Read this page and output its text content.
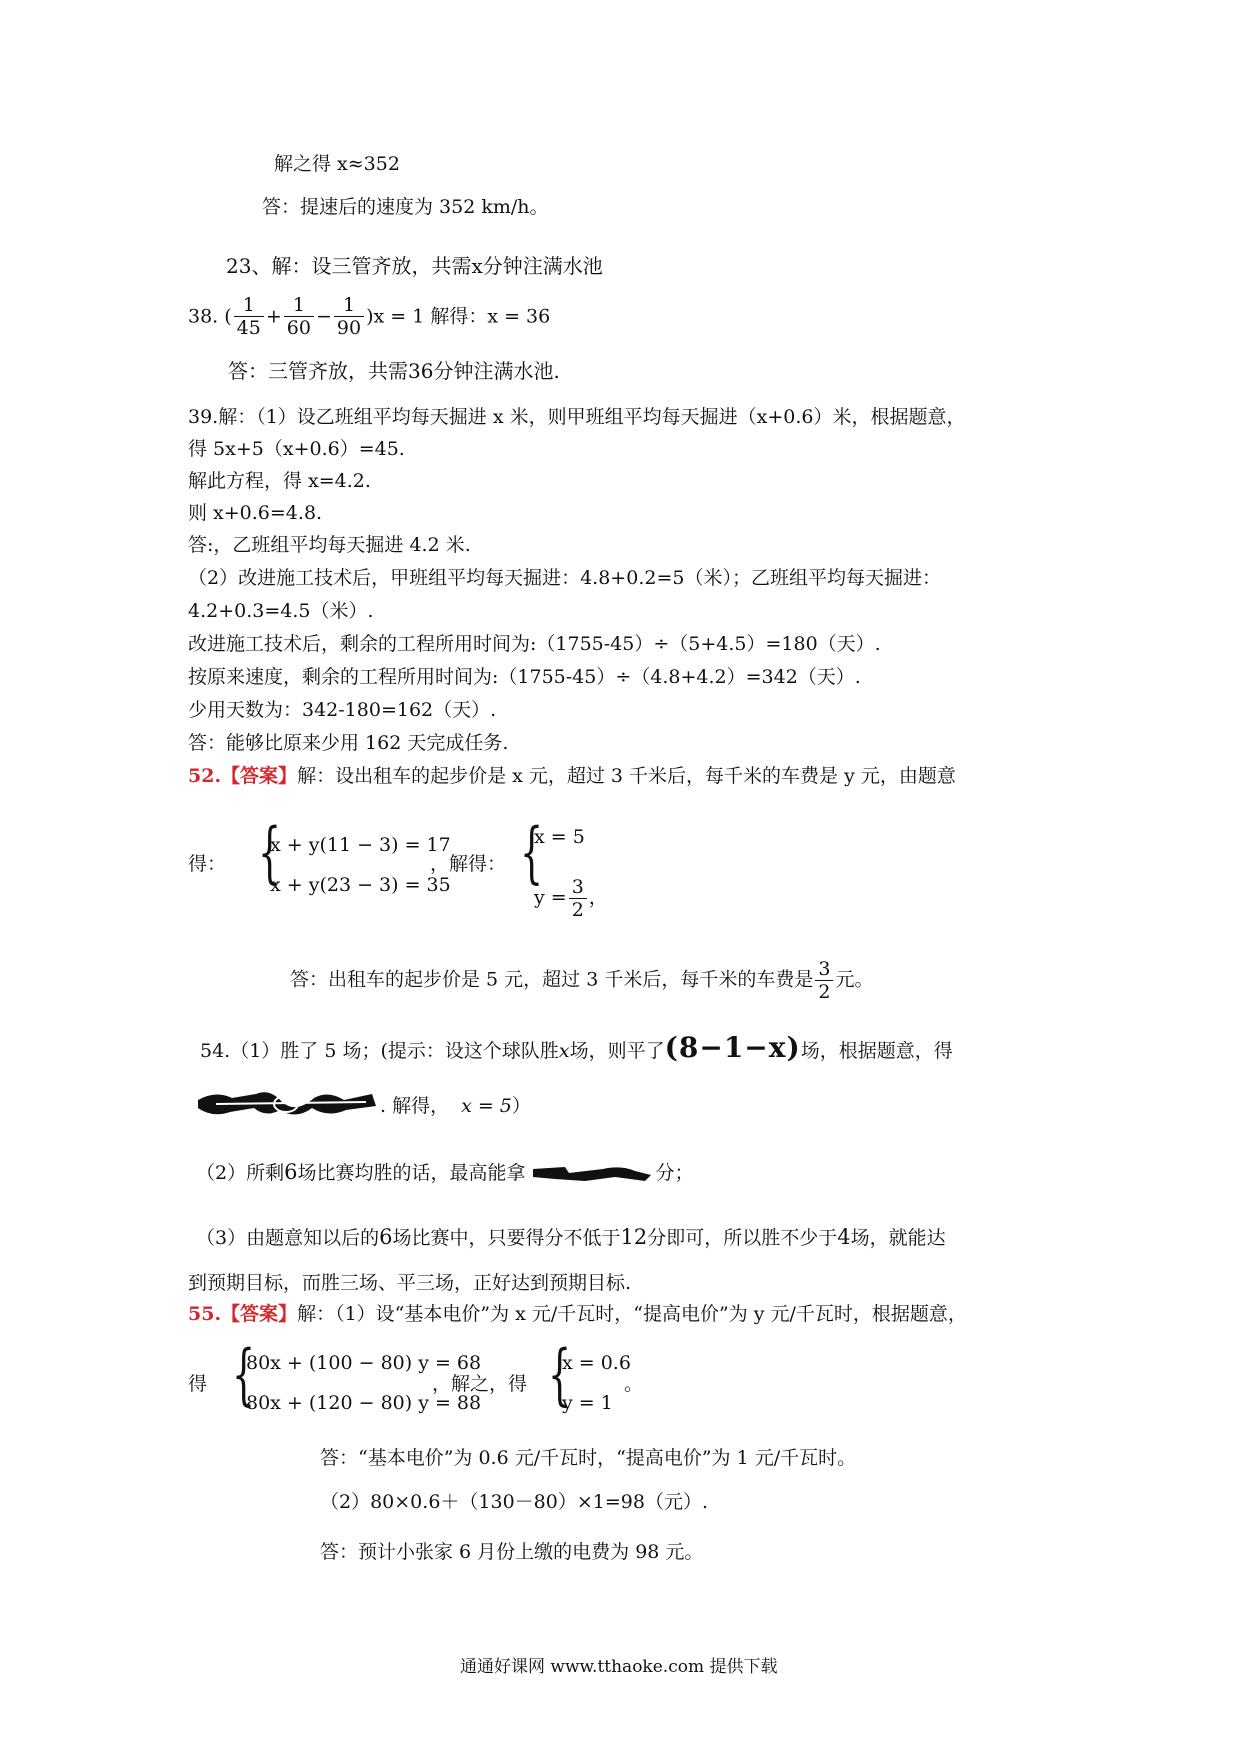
解之得 x≈352
答：提速后的速度为 352 km/h。
23、解：设三管齐放，共需x分钟注满水池
38. ( $\frac{1}{45} + \frac{1}{60} - \frac{1}{90} )x = 1$ 解得：x = 36
答：三管齐放，共需36分钟注满水池.
39.解：（1）设乙班组平均每天掘进 x 米，则甲班组平均每天掘进（x+0.6）米，根据题意，
得 5x+5（x+0.6）=45.
解此方程，得 x=4.2.
则 x+0.6=4.8.
答:，乙班组平均每天掘进 4.2 米.
（2）改进施工技术后，甲班组平均每天掘进：4.8+0.2=5（米）；乙班组平均每天掘进：
4.2+0.3=4.5（米）.
改进施工技术后，剩余的工程所用时间为:（1755-45）÷（5+4.5）=180（天）.
按原来速度，剩余的工程所用时间为:（1755-45）÷（4.8+4.2）=342（天）.
少用天数为：342-180=162（天）.
答：能够比原来少用 162 天完成任务.
52.【答案】解：设出租车的起步价是 x 元，超过 3 千米后，每千米的车费是 y 元，由题意
得： {
x + y(11 − 3) = 17
x + y(23 − 3) = 35
，解得： {
x = 5
$y = \frac{3}{2}$ ，
答：出租车的起步价是 5 元，超过 3 千米后，每千米的车费是 $\frac{3}{2}$ 元。
54.（1）胜了 5 场；(提示：设这个球队胜x场，则平了(8−1−x)场，根据题意，得
. 解得， x = 5）
（2）所剩6场比赛均胜的话，最高能拿	分；
（3）由题意知以后的6场比赛中，只要得分不低于12分即可，所以胜不少于4场，就能达
到预期目标，而胜三场、平三场，正好达到预期目标.
55.【答案】解：（1）设“基本电价”为 x 元/千瓦时，“提高电价”为 y 元/千瓦时，根据题意，
得 {
80x + (100 − 80) y = 68
80x + (120 − 80) y = 88
，解之，得 {
x = 0.6
y = 1
。
答：“基本电价”为 0.6 元/千瓦时，“提高电价”为 1 元/千瓦时。
（2）80×0.6＋（130－80）×1=98（元）.
答：预计小张家 6 月份上缴的电费为 98 元。
通通好课网 www.tthaoke.com 提供下载
